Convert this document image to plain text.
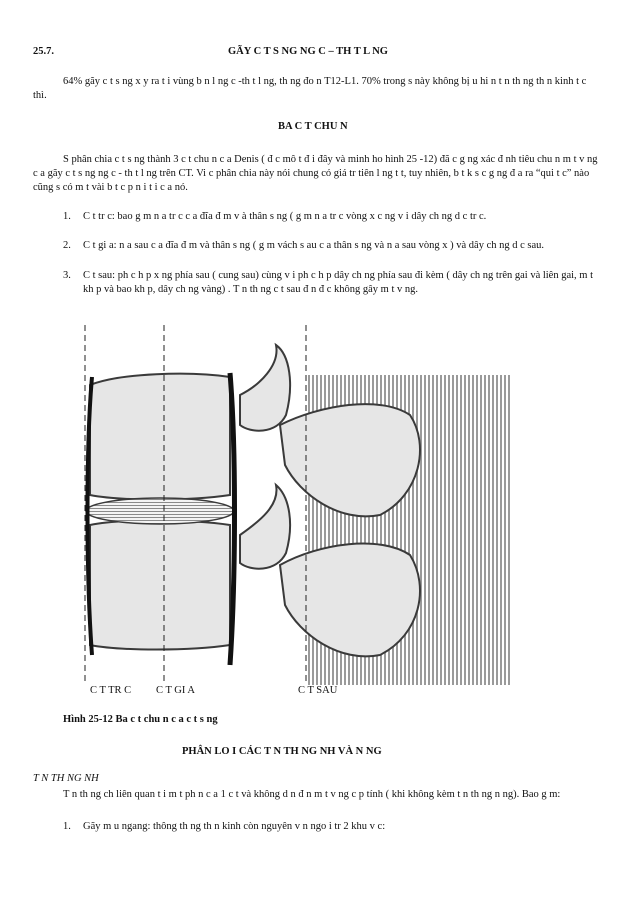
25.7.	GÃY C T S NG NG C – TH T L NG

64% gãy c t s ng x y ra t i vùng b n l ng c -th t l ng, th ng đo n T12-L1. 70% trong s này không bị u hi n t n th ng th n kinh t c thì.

BA C T CHU N

S phân chia c t s ng thành 3 c t chu n c a Denis ( đ c mô t đ i đây và minh ho hình 25 -12) đã c g ng xác đ nh tiêu chu n m t v ng c a gãy c t s ng ng c - th t l ng trên CT. Vi c phân chia này nói chung có giá tr tiên l ng t t, tuy nhiên, b t k s c g ng đ a ra “qui t c” nào cũng s có m t vài b t c p n i t i c a nó.

1.	C t tr c: bao g m n a tr c c a đĩa đ m v à thân s ng ( g m n a tr c vòng x c ng v i dây ch ng d c tr c.
2.	C t gi a: n a sau c a đĩa đ m và thân s ng ( g m vách s au c a thân s ng và n a sau vòng x ) và dây ch ng d c sau.
3.	C t sau: ph c h p x ng phía sau ( cung sau) cùng v i ph c h p dây ch ng phía sau đi kèm ( dây ch ng trên gai và liên gai, m t kh p và bao kh p, dây ch ng vàng) . T n th ng c t sau đ n đ c không gây m t v ng.
C T TR C C T GI A	C T SAU
Hình 25-12 Ba c t chu n c a c t s ng
PHÂN LO I CÁC T N TH NG NH VÀ N NG
T N TH NG NH

T n th ng ch liên quan t i m t ph n c a 1 c t và không d n đ n m t v ng c p tính ( khi không kèm t n th ng n ng). Bao g m:

1.	Gãy m u ngang: thông th ng th n kinh còn nguyên v n ngo i tr 2 khu v c:
